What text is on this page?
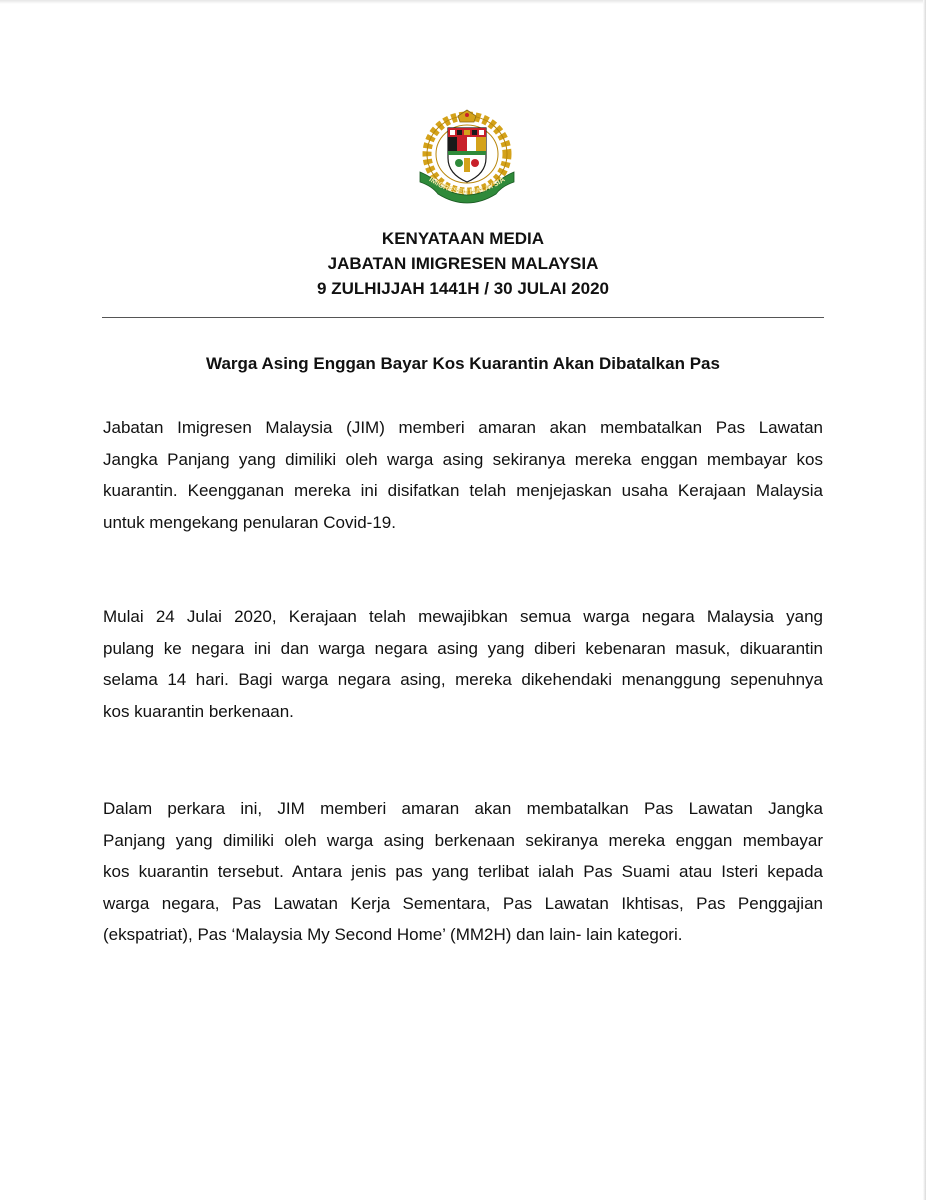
IMIGRESEN MALAYSIA
KENYATAAN MEDIA
JABATAN IMIGRESEN MALAYSIA
9 ZULHIJJAH 1441H / 30 JULAI 2020
Warga Asing Enggan Bayar Kos Kuarantin Akan Dibatalkan Pas
Jabatan Imigresen Malaysia (JIM) memberi amaran akan membatalkan Pas Lawatan
Jangka Panjang yang dimiliki oleh warga asing sekiranya mereka enggan membayar kos
kuarantin. Keengganan mereka ini disifatkan telah menjejaskan usaha Kerajaan Malaysia
untuk mengekang penularan Covid-19.
Mulai 24 Julai 2020, Kerajaan telah mewajibkan semua warga negara Malaysia yang
pulang ke negara ini dan warga negara asing yang diberi kebenaran masuk, dikuarantin
selama 14 hari. Bagi warga negara asing, mereka dikehendaki menanggung sepenuhnya
kos kuarantin berkenaan.
Dalam perkara ini, JIM memberi amaran akan membatalkan Pas Lawatan Jangka
Panjang yang dimiliki oleh warga asing berkenaan sekiranya mereka enggan membayar
kos kuarantin tersebut. Antara jenis pas yang terlibat ialah Pas Suami atau Isteri kepada
warga negara, Pas Lawatan Kerja Sementara, Pas Lawatan Ikhtisas, Pas Penggajian
(ekspatriat), Pas ‘Malaysia My Second Home’ (MM2H) dan lain- lain kategori.
